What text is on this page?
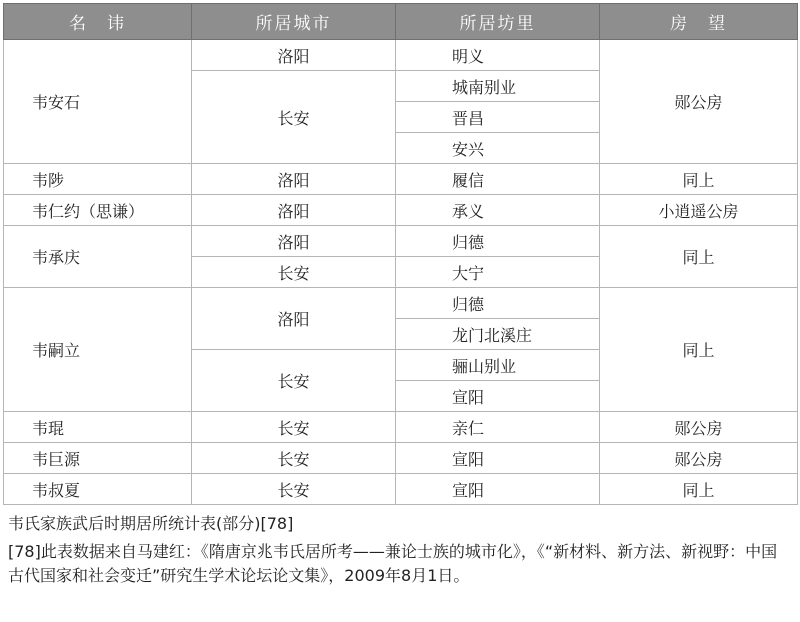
名　讳	所居城市	所居坊里	房　望
韦安石	洛阳	明义	郧公房
	长安	城南别业	
		晋昌	
		安兴	
韦陟	洛阳	履信	同上
韦仁约（思谦）	洛阳	承义	小逍遥公房
韦承庆	洛阳	归德	同上
	长安	大宁	
韦嗣立	洛阳	归德	同上
		龙门北溪庄	
	长安	骊山别业	
		宣阳	
韦琨	长安	亲仁	郧公房
韦巨源	长安	宣阳	郧公房
韦叔夏	长安	宣阳	同上
韦氏家族武后时期居所统计表(部分)[78]
[78]此表数据来自马建红：《隋唐京兆韦氏居所考——兼论士族的城市化》，《“新材料、新方法、新视野：中国古代国家和社会变迁”研究生学术论坛论文集》，2009年8月1日。
